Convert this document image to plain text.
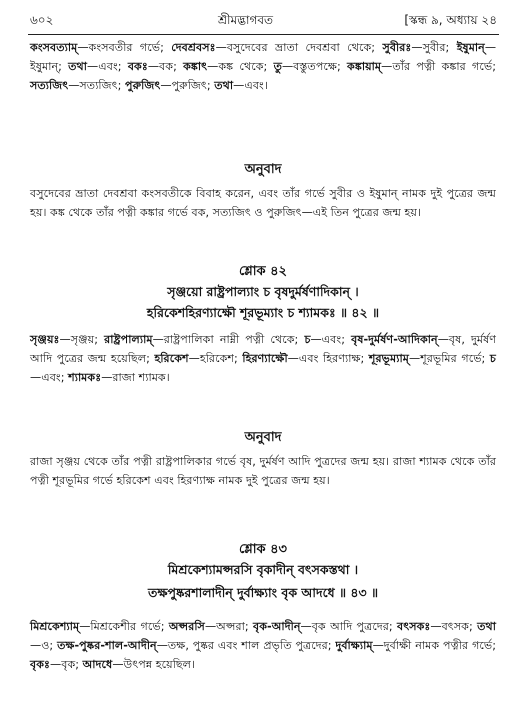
৬০২	শ্রীমদ্ভাগবত	[স্কন্ধ ৯, অধ্যায় ২৪
কংসবত্যাম্—কংসবতীর গর্ভে; দেবশ্রবসঃ—বসুদেবের ভ্রাতা দেবশ্রবা থেকে; সুবীরঃ—সুবীর; ইষুমান্—ইষুমান্; তথা—এবং; বকঃ—বক; কঙ্কাৎ—কঙ্ক থেকে; তু—বস্তুতপক্ষে; কঙ্কায়াম্—তাঁর পত্নী কঙ্কার গর্ভে; সত্যজিৎ—সত্যজিৎ; পুরুজিৎ—পুরুজিৎ; তথা—এবং।
অনুবাদ
বসুদেবের ভ্রাতা দেবশ্রবা কংসবতীকে বিবাহ করেন, এবং তাঁর গর্ভে সুবীর ও ইষুমান্ নামক দুই পুত্রের জন্ম হয়। কঙ্ক থেকে তাঁর পত্নী কঙ্কার গর্ভে বক, সত্যজিৎ ও পুরুজিৎ—এই তিন পুত্রের জন্ম হয়।
শ্লোক ৪২
সৃঞ্জয়ো রাষ্ট্রপাল্যাং চ বৃষদুর্মর্ষণাদিকান্ ।
হরিকেশহিরণ্যাক্ষৌ শূরভূম্যাং চ শ্যামকঃ ॥ ৪২ ॥
সৃঞ্জয়ঃ—সৃঞ্জয়; রাষ্ট্রপাল্যাম্—রাষ্ট্রপালিকা নাম্নী পত্নী থেকে; চ—এবং; বৃষ-দুর্মর্ষণ-আদিকান্—বৃষ, দুর্মর্ষণ আদি পুত্রের জন্ম হয়েছিল; হরিকেশ—হরিকেশ; হিরণ্যাক্ষৌ—এবং হিরণ্যাক্ষ; শূরভূম্যাম্—শূরভূমির গর্ভে; চ—এবং; শ্যামকঃ—রাজা শ্যামক।
অনুবাদ
রাজা সৃঞ্জয় থেকে তাঁর পত্নী রাষ্ট্রপালিকার গর্ভে বৃষ, দুর্মর্ষণ আদি পুত্রদের জন্ম হয়। রাজা শ্যামক থেকে তাঁর পত্নী শূরভূমির গর্ভে হরিকেশ এবং হিরণ্যাক্ষ নামক দুই পুত্রের জন্ম হয়।
শ্লোক ৪৩
মিশ্রকেশ্যামপ্সরসি বৃকাদীন্ বৎসকস্তথা ।
তক্ষপুষ্করশালাদীন্ দুর্বাক্ষ্যাং বৃক আদধে ॥ ৪৩ ॥
মিশ্রকেশ্যাম্—মিশ্রকেশীর গর্ভে; অপ্সরসি—অপ্সরা; বৃক-আদীন্—বৃক আদি পুত্রদের; বৎসকঃ—বৎসক; তথা—ও; তক্ষ-পুষ্কর-শাল-আদীন্—তক্ষ, পুষ্কর এবং শাল প্রভৃতি পুত্রদের; দুর্বাক্ষ্যাম্—দুর্বাক্ষী নামক পত্নীর গর্ভে; বৃকঃ—বৃক; আদধে—উৎপন্ন হয়েছিল।
